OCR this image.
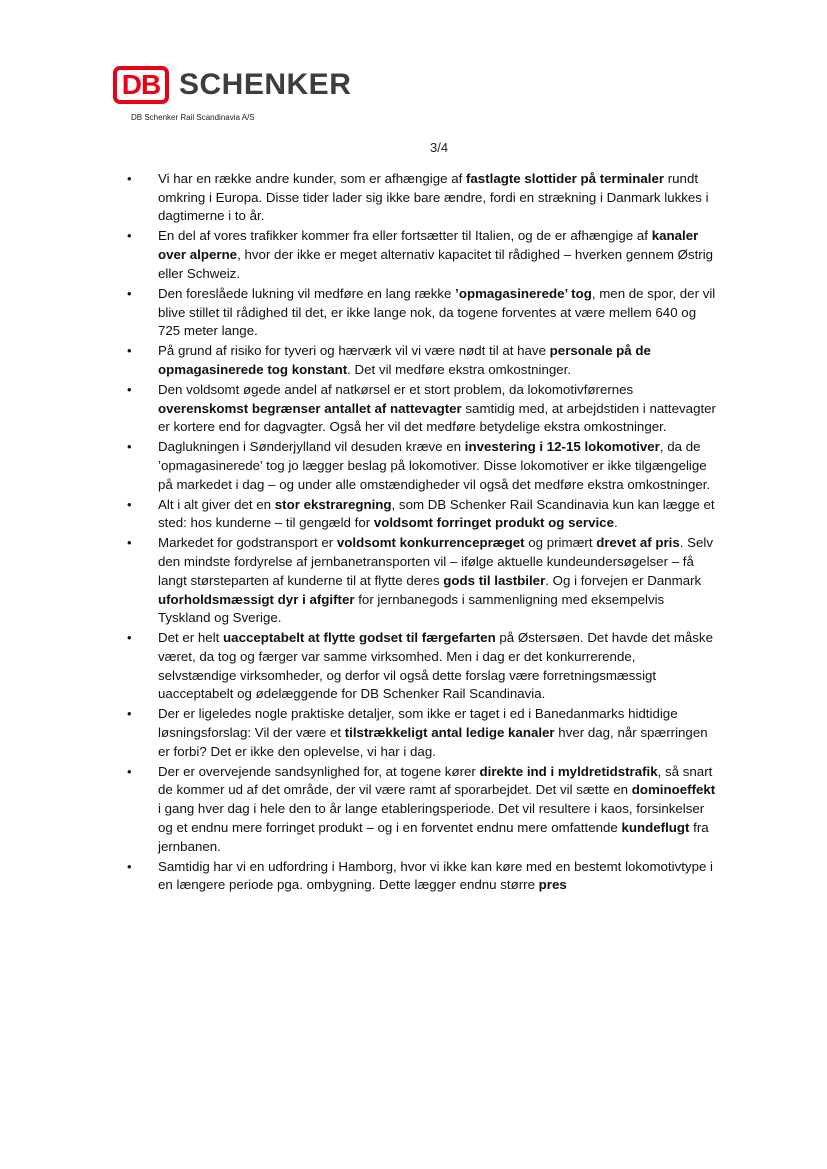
DB SCHENKER
DB Schenker Rail Scandinavia A/S
3/4
• Vi har en række andre kunder, som er afhængige af fastlagte slottider på terminaler rundt omkring i Europa. Disse tider lader sig ikke bare ændre, fordi en strækning i Danmark lukkes i dagtimerne i to år.
• En del af vores trafikker kommer fra eller fortsætter til Italien, og de er afhængige af kanaler over alperne, hvor der ikke er meget alternativ kapacitet til rådighed – hverken gennem Østrig eller Schweiz.
• Den foreslåede lukning vil medføre en lang række ’opmagasinerede’ tog, men de spor, der vil blive stillet til rådighed til det, er ikke lange nok, da togene forventes at være mellem 640 og 725 meter lange.
• På grund af risiko for tyveri og hærværk vil vi være nødt til at have personale på de opmagasinerede tog konstant. Det vil medføre ekstra omkostninger.
• Den voldsomt øgede andel af natkørsel er et stort problem, da lokomotivførernes overenskomst begrænser antallet af nattevagter samtidig med, at arbejdstiden i nattevagter er kortere end for dagvagter. Også her vil det medføre betydelige ekstra omkostninger.
• Daglukningen i Sønderjylland vil desuden kræve en investering i 12-15 lokomotiver, da de ’opmagasinerede’ tog jo lægger beslag på lokomotiver. Disse lokomotiver er ikke tilgængelige på markedet i dag – og under alle omstændigheder vil også det medføre ekstra omkostninger.
• Alt i alt giver det en stor ekstraregning, som DB Schenker Rail Scandinavia kun kan lægge et sted: hos kunderne – til gengæld for voldsomt forringet produkt og service.
• Markedet for godstransport er voldsomt konkurrencepræget og primært drevet af pris. Selv den mindste fordyrelse af jernbanetransporten vil – ifølge aktuelle kundeundersøgelser – få langt størsteparten af kunderne til at flytte deres gods til lastbiler. Og i forvejen er Danmark uforholdsmæssigt dyr i afgifter for jernbanegods i sammenligning med eksempelvis Tyskland og Sverige.
• Det er helt uacceptabelt at flytte godset til færgefarten på Østersøen. Det havde det måske været, da tog og færger var samme virksomhed. Men i dag er det konkurrerende, selvstændige virksomheder, og derfor vil også dette forslag være forretningsmæssigt uacceptabelt og ødelæggende for DB Schenker Rail Scandinavia.
• Der er ligeledes nogle praktiske detaljer, som ikke er taget i ed i Banedanmarks hidtidige løsningsforslag: Vil der være et tilstrækkeligt antal ledige kanaler hver dag, når spærringen er forbi? Det er ikke den oplevelse, vi har i dag.
• Der er overvejende sandsynlighed for, at togene kører direkte ind i myldretidstrafik, så snart de kommer ud af det område, der vil være ramt af sporarbejdet. Det vil sætte en dominoeffekt i gang hver dag i hele den to år lange etableringsperiode. Det vil resultere i kaos, forsinkelser og et endnu mere forringet produkt – og i en forventet endnu mere omfattende kundeflugt fra jernbanen.
• Samtidig har vi en udfordring i Hamborg, hvor vi ikke kan køre med en bestemt lokomotivtype i en længere periode pga. ombygning. Dette lægger endnu større pres
